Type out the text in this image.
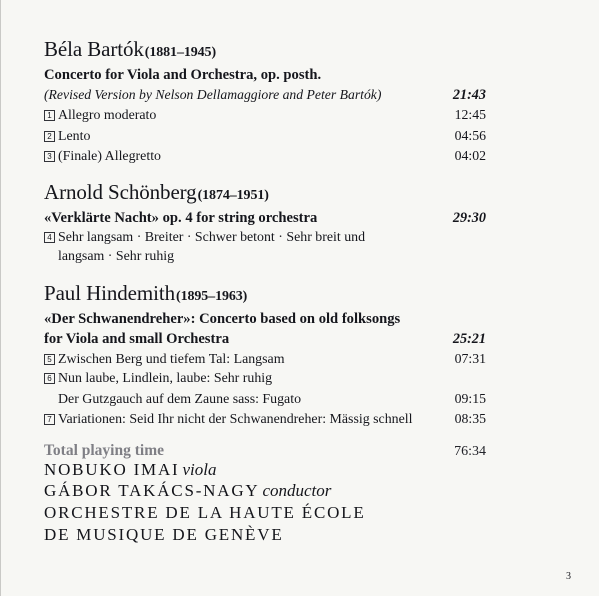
Béla Bartók(1881–1945)
Concerto for Viola and Orchestra, op. posth.
(Revised Version by Nelson Dellamaggiore and Peter Bartók)	21:43
1 Allegro moderato	12:45
2 Lento	04:56
3 (Finale) Allegretto	04:02
Arnold Schönberg(1874–1951)
«Verklärte Nacht» op. 4 for string orchestra	29:30
4 Sehr langsam · Breiter · Schwer betont · Sehr breit und
langsam · Sehr ruhig
Paul Hindemith(1895–1963)
«Der Schwanendreher»: Concerto based on old folksongs
for Viola and small Orchestra	25:21
5 Zwischen Berg und tiefem Tal: Langsam	07:31
6 Nun laube, Lindlein, laube: Sehr ruhig
Der Gutzgauch auf dem Zaune sass: Fugato	09:15
7 Variationen: Seid Ihr nicht der Schwanendreher: Mässig schnell	08:35
Total playing time	76:34
NOBUKO IMAI viola
GÁBOR TAKÁCS-NAGY conductor
ORCHESTRE DE LA HAUTE ÉCOLE
DE MUSIQUE DE GENÈVE
3
